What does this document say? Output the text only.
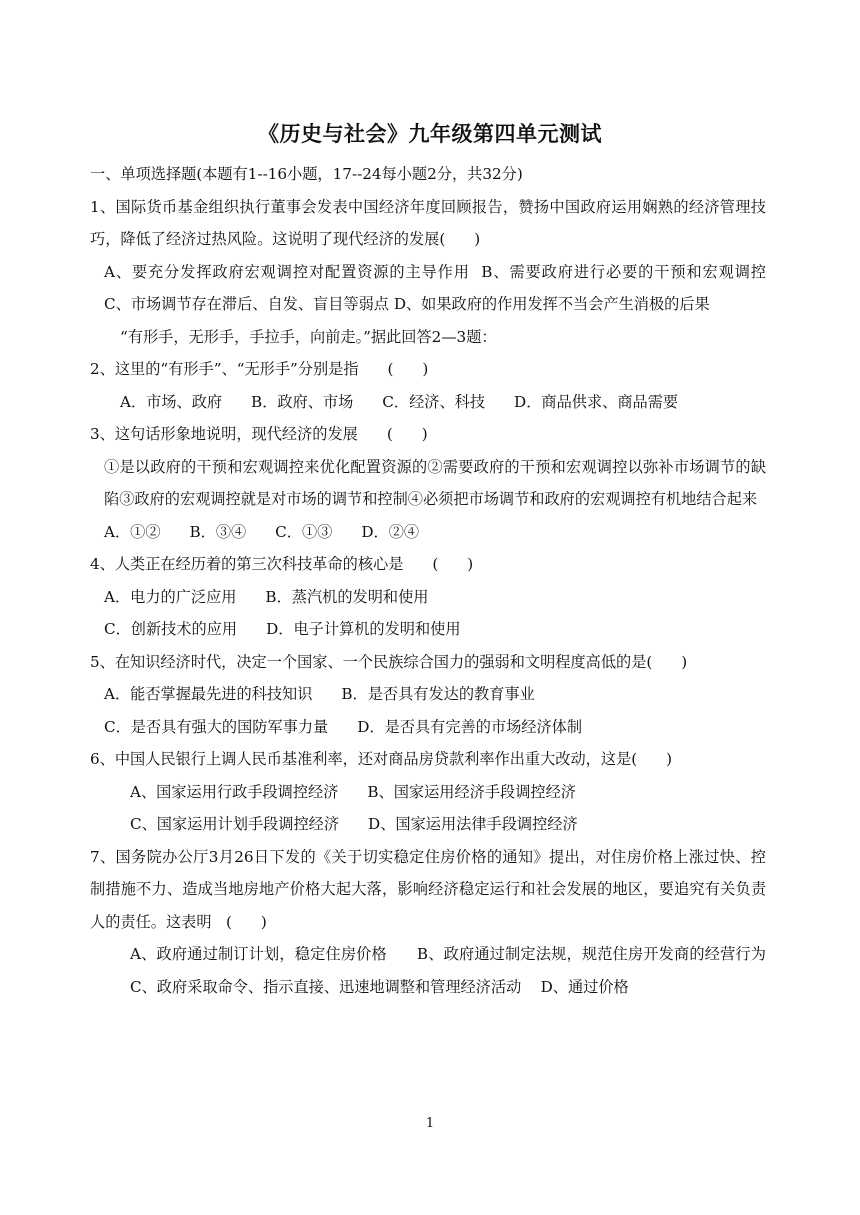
《历史与社会》九年级第四单元测试

一、单项选择题(本题有1--16小题，17--24每小题2分，共32分)

1、国际货币基金组织执行董事会发表中国经济年度回顾报告，赞扬中国政府运用娴熟的经济管理技巧，降低了经济过热风险。这说明了现代经济的发展(      )

A、要充分发挥政府宏观调控对配置资源的主导作用  B、需要政府进行必要的干预和宏观调控   C、市场调节存在滞后、自发、盲目等弱点 D、如果政府的作用发挥不当会产生消极的后果

“有形手，无形手，手拉手，向前走。”据此回答2—3题：

2、这里的“有形手”、“无形手”分别是指      (      )

A．市场、政府      B．政府、市场      C．经济、科技      D．商品供求、商品需要

3、这句话形象地说明，现代经济的发展      (      )

①是以政府的干预和宏观调控来优化配置资源的②需要政府的干预和宏观调控以弥补市场调节的缺陷③政府的宏观调控就是对市场的调节和控制④必须把市场调节和政府的宏观调控有机地结合起来

A．①②      B．③④      C．①③      D．②④

4、人类正在经历着的第三次科技革命的核心是      (      )

A．电力的广泛应用      B．蒸汽机的发明和使用

C．创新技术的应用      D．电子计算机的发明和使用

5、在知识经济时代，决定一个国家、一个民族综合国力的强弱和文明程度高低的是(      )

A．能否掌握最先进的科技知识      B．是否具有发达的教育事业

C．是否具有强大的国防军事力量      D．是否具有完善的市场经济体制

6、中国人民银行上调人民币基准利率，还对商品房贷款利率作出重大改动，这是(      )

A、国家运用行政手段调控经济      B、国家运用经济手段调控经济

C、国家运用计划手段调控经济      D、国家运用法律手段调控经济

7、国务院办公厅3月26日下发的《关于切实稳定住房价格的通知》提出，对住房价格上涨过快、控制措施不力、造成当地房地产价格大起大落，影响经济稳定运行和社会发展的地区，要追究有关负责人的责任。这表明   (      )

A、政府通过制订计划，稳定住房价格      B、政府通过制定法规，规范住房开发商的经营行为    C、政府采取命令、指示直接、迅速地调整和管理经济活动    D、通过价格

1
